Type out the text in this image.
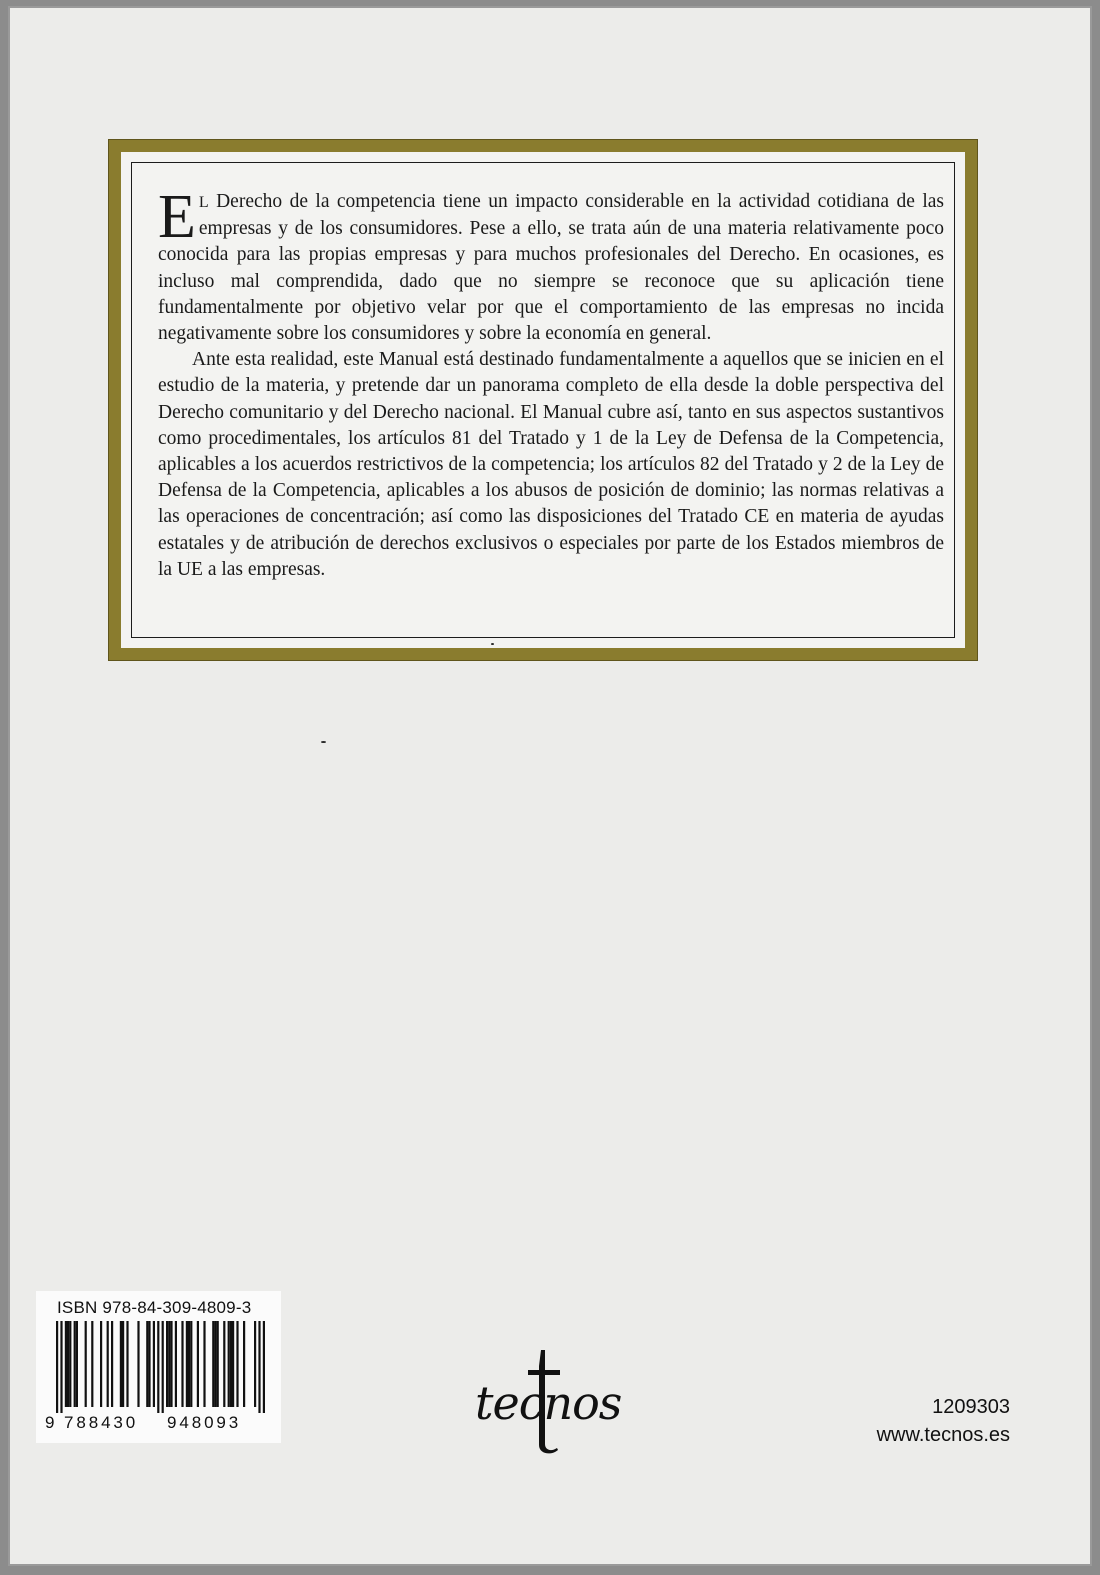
E L Derecho de la competencia tiene un impacto considerable en la actividad cotidiana de las empresas y de los consumidores. Pese a ello, se trata aún de una materia relativamente poco conocida para las propias empresas y para muchos profesionales del Derecho. En ocasiones, es incluso mal comprendida, dado que no siempre se reconoce que su aplicación tiene fundamentalmente por objetivo velar por que el comportamiento de las empresas no incida negativamente sobre los consumidores y sobre la economía en general.

Ante esta realidad, este Manual está destinado fundamentalmente a aquellos que se inicien en el estudio de la materia, y pretende dar un panorama completo de ella desde la doble perspectiva del Derecho comunitario y del Derecho nacional. El Manual cubre así, tanto en sus aspectos sustantivos como procedimentales, los artículos 81 del Tratado y 1 de la Ley de Defensa de la Competencia, aplicables a los acuerdos restrictivos de la competencia; los artículos 82 del Tratado y 2 de la Ley de Defensa de la Competencia, aplicables a los abusos de posición de dominio; las normas relativas a las operaciones de concentración; así como las disposiciones del Tratado CE en materia de ayudas estatales y de atribución de derechos exclusivos o especiales por parte de los Estados miembros de la UE a las empresas.

ISBN 978-84-309-4809-3
9 788430 948093	tecnos	1209303
www.tecnos.es
